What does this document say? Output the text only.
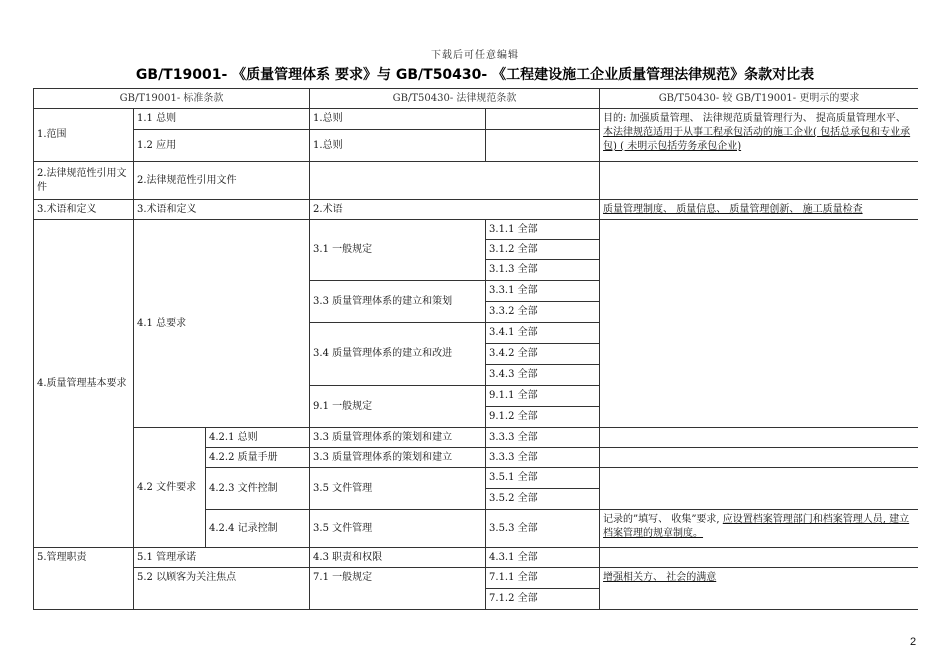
下载后可任意编辑
GB/T19001- 《质量管理体系 要求》与 GB/T50430- 《工程建设施工企业质量管理法律规范》条款对比表
GB/T19001- 标准条款			GB/T50430- 法律规范条款		GB/T50430- 较 GB/T19001- 更明示的要求
1.范围	1.1 总则		1.总则		目的: 加强质量管理、 法律规范质量管理行为、 提高质量管理水平、 本法律规范适用于从事工程承包活动的施工企业( 包括总承包和专业承包) ( 未明示包括劳务承包企业)
	1.2 应用		1.总则		
2.法律规范性引用文件	2.法律规范性引用文件				
3.术语和定义	3.术语和定义		2.术语		质量管理制度、 质量信息、 质量管理创新、 施工质量检查
4.质量管理基本要求	4.1 总要求		3.1 一般规定	3.1.1 全部	
				3.1.2 全部	
				3.1.3 全部	
			3.3 质量管理体系的建立和策划	3.3.1 全部	
				3.3.2 全部	
			3.4 质量管理体系的建立和改进	3.4.1 全部	
				3.4.2 全部	
				3.4.3 全部	
			9.1 一般规定	9.1.1 全部	
				9.1.2 全部	
	4.2 文件要求	4.2.1 总则	3.3 质量管理体系的策划和建立	3.3.3 全部	
		4.2.2 质量手册	3.3 质量管理体系的策划和建立	3.3.3 全部	
		4.2.3 文件控制	3.5 文件管理	3.5.1 全部	
				3.5.2 全部	
		4.2.4 记录控制	3.5 文件管理	3.5.3 全部	记录的”填写、 收集”要求, 应设置档案管理部门和档案管理人员, 建立档案管理的规章制度。
5.管理职责	5.1 管理承诺		4.3 职责和权限	4.3.1 全部	
	5.2 以顾客为关注焦点		7.1 一般规定	7.1.1 全部	增强相关方、 社会的满意
				7.1.2 全部	
2
